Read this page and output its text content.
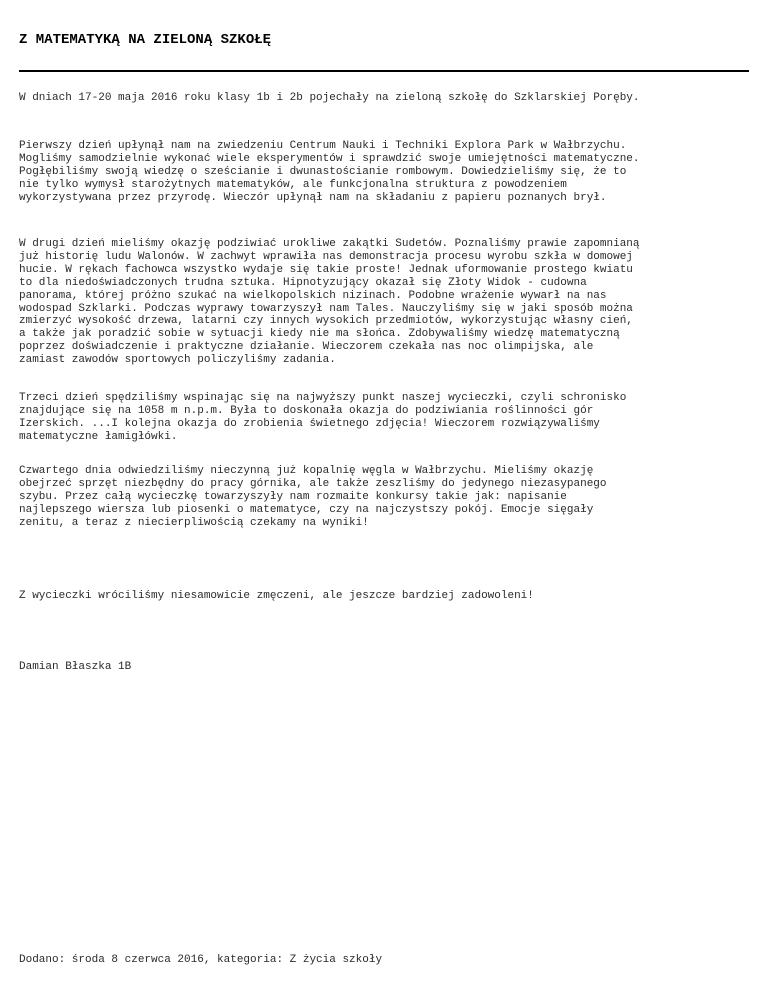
Z MATEMATYKĄ NA ZIELONĄ SZKOŁĘ

W dniach 17-20 maja 2016 roku klasy 1b i 2b pojechały na zieloną szkołę do Szklarskiej Poręby.

Pierwszy dzień upłynął nam na zwiedzeniu Centrum Nauki i Techniki Explora Park w Wałbrzychu.
Mogliśmy samodzielnie wykonać wiele eksperymentów i sprawdzić swoje umiejętności matematyczne.
Pogłębiliśmy swoją wiedzę o sześcianie i dwunastościanie rombowym. Dowiedzieliśmy się, że to
nie tylko wymysł starożytnych matematyków, ale funkcjonalna struktura z powodzeniem
wykorzystywana przez przyrodę. Wieczór upłynął nam na składaniu z papieru poznanych brył.

W drugi dzień mieliśmy okazję podziwiać urokliwe zakątki Sudetów. Poznaliśmy prawie zapomnianą
już historię ludu Walonów. W zachwyt wprawiła nas demonstracja procesu wyrobu szkła w domowej
hucie. W rękach fachowca wszystko wydaje się takie proste! Jednak uformowanie prostego kwiatu
to dla niedoświadczonych trudna sztuka. Hipnotyzujący okazał się Złoty Widok - cudowna
panorama, której próżno szukać na wielkopolskich nizinach. Podobne wrażenie wywarł na nas
wodospad Szklarki. Podczas wyprawy towarzyszył nam Tales. Nauczyliśmy się w jaki sposób można
zmierzyć wysokość drzewa, latarni czy innych wysokich przedmiotów, wykorzystując własny cień,
a także jak poradzić sobie w sytuacji kiedy nie ma słońca. Zdobywaliśmy wiedzę matematyczną
poprzez doświadczenie i praktyczne działanie. Wieczorem czekała nas noc olimpijska, ale
zamiast zawodów sportowych policzyliśmy zadania.

Trzeci dzień spędziliśmy wspinając się na najwyższy punkt naszej wycieczki, czyli schronisko
znajdujące się na 1058 m n.p.m. Była to doskonała okazja do podziwiania roślinności gór
Izerskich. ...I kolejna okazja do zrobienia świetnego zdjęcia! Wieczorem rozwiązywaliśmy
matematyczne łamigłówki.

Czwartego dnia odwiedziliśmy nieczynną już kopalnię węgla w Wałbrzychu. Mieliśmy okazję
obejrzeć sprzęt niezbędny do pracy górnika, ale także zeszliśmy do jedynego niezasypanego
szybu. Przez całą wycieczkę towarzyszyły nam rozmaite konkursy takie jak: napisanie
najlepszego wiersza lub piosenki o matematyce, czy na najczystszy pokój. Emocje sięgały
zenitu, a teraz z niecierpliwością czekamy na wyniki!

Z wycieczki wróciliśmy niesamowicie zmęczeni, ale jeszcze bardziej zadowoleni!

Damian Błaszka 1B

Dodano: środa 8 czerwca 2016, kategoria: Z życia szkoły
